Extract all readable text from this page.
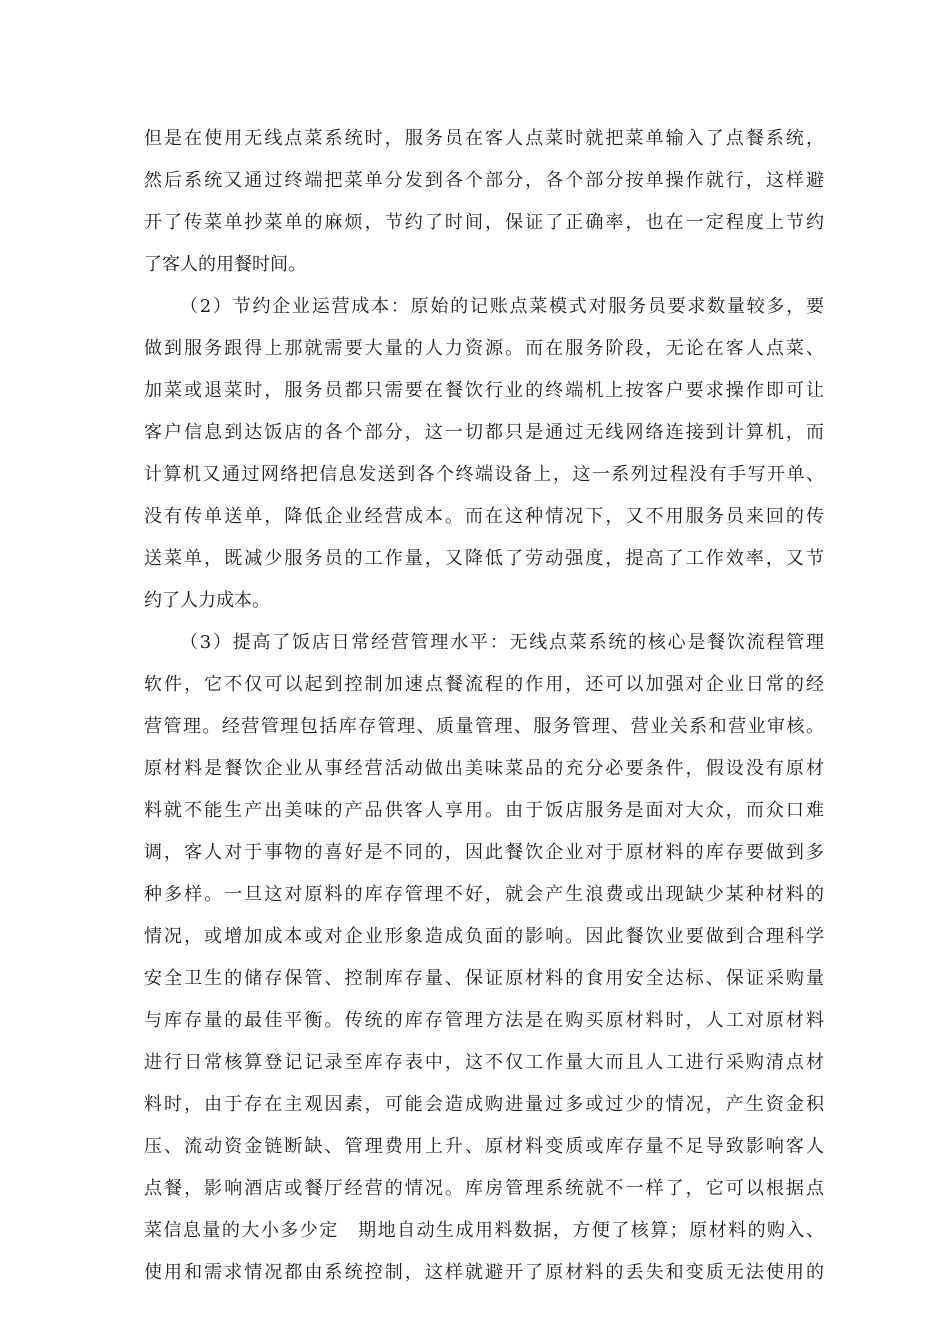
但是在使用无线点菜系统时，服务员在客人点菜时就把菜单输入了点餐系统，
然后系统又通过终端把菜单分发到各个部分，各个部分按单操作就行，这样避
开了传菜单抄菜单的麻烦，节约了时间，保证了正确率，也在一定程度上节约
了客人的用餐时间。
（2）节约企业运营成本：原始的记账点菜模式对服务员要求数量较多，要
做到服务跟得上那就需要大量的人力资源。而在服务阶段，无论在客人点菜、
加菜或退菜时，服务员都只需要在餐饮行业的终端机上按客户要求操作即可让
客户信息到达饭店的各个部分，这一切都只是通过无线网络连接到计算机，而
计算机又通过网络把信息发送到各个终端设备上，这一系列过程没有手写开单、
没有传单送单，降低企业经营成本。而在这种情况下，又不用服务员来回的传
送菜单，既减少服务员的工作量，又降低了劳动强度，提高了工作效率，又节
约了人力成本。
（3）提高了饭店日常经营管理水平：无线点菜系统的核心是餐饮流程管理
软件，它不仅可以起到控制加速点餐流程的作用，还可以加强对企业日常的经
营管理。经营管理包括库存管理、质量管理、服务管理、营业关系和营业审核。
原材料是餐饮企业从事经营活动做出美味菜品的充分必要条件，假设没有原材
料就不能生产出美味的产品供客人享用。由于饭店服务是面对大众，而众口难
调，客人对于事物的喜好是不同的，因此餐饮企业对于原材料的库存要做到多
种多样。一旦这对原料的库存管理不好，就会产生浪费或出现缺少某种材料的
情况，或增加成本或对企业形象造成负面的影响。因此餐饮业要做到合理科学
安全卫生的储存保管、控制库存量、保证原材料的食用安全达标、保证采购量
与库存量的最佳平衡。传统的库存管理方法是在购买原材料时，人工对原材料
进行日常核算登记记录至库存表中，这不仅工作量大而且人工进行采购清点材
料时，由于存在主观因素，可能会造成购进量过多或过少的情况，产生资金积
压、流动资金链断缺、管理费用上升、原材料变质或库存量不足导致影响客人
点餐，影响酒店或餐厅经营的情况。库房管理系统就不一样了，它可以根据点
菜信息量的大小多少定　期地自动生成用料数据，方便了核算；原材料的购入、
使用和需求情况都由系统控制，这样就避开了原材料的丢失和变质无法使用的
